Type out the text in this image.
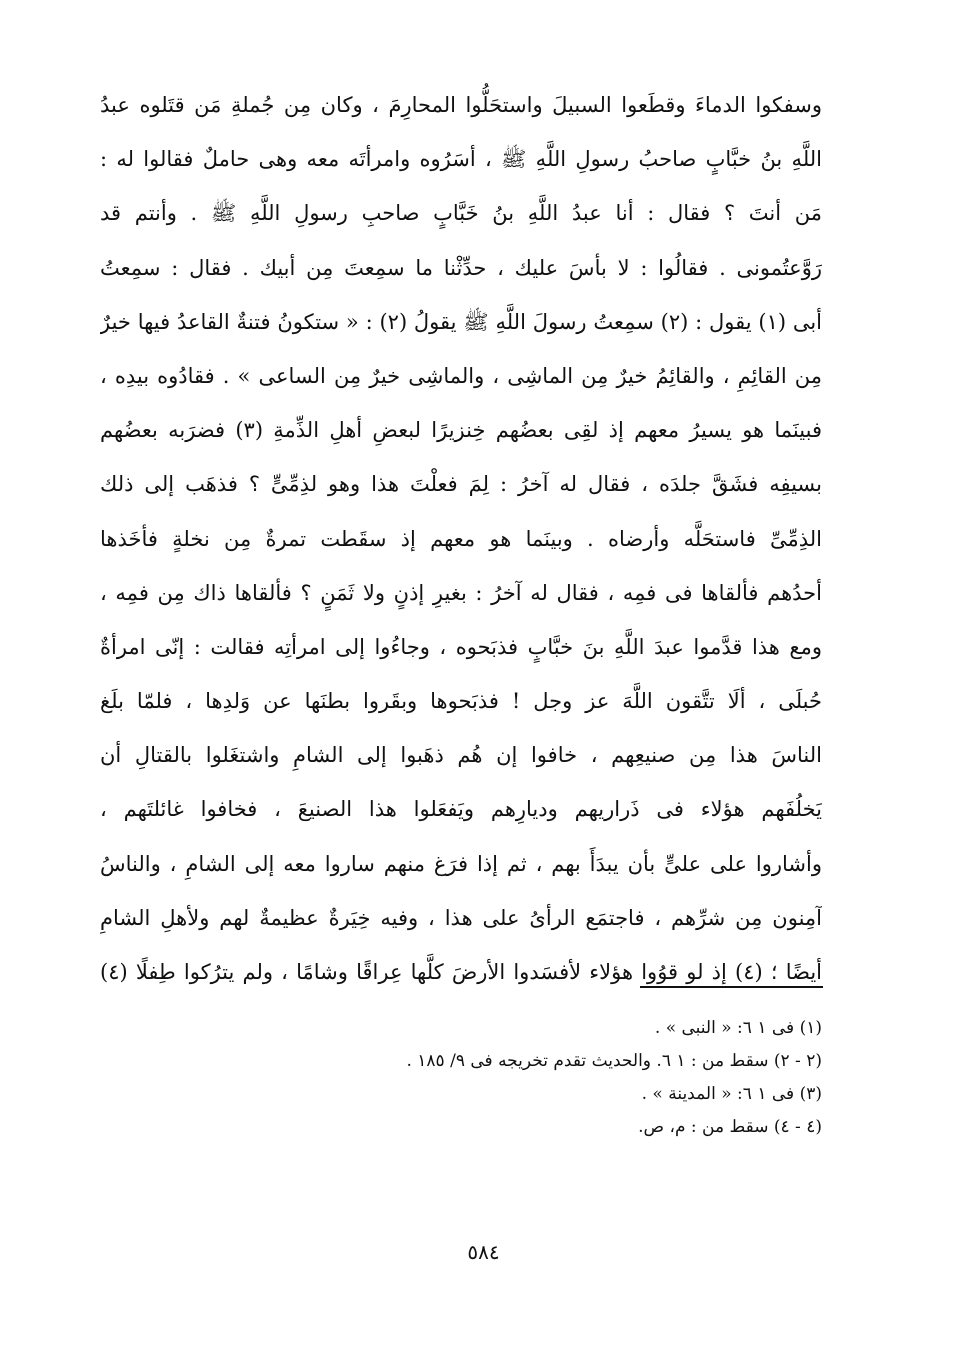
وسفكوا الدماءَ وقطَعوا السبيلَ واستحَلُّوا المحارِمَ ، وكان مِن جُملةِ مَن قتَلوه عبدُ
اللَّهِ بنُ خبَّابٍ صاحبُ رسولِ اللَّهِ ﷺ ، أسَرُوه وامرأتَه معه وهى حاملٌ فقالوا له :
مَن أنتَ ؟ فقال : أنا عبدُ اللَّهِ بنُ خَبَّابٍ صاحبِ رسولِ اللَّهِ ﷺ . وأنتم قد
رَوَّعتُمونى . فقالُوا : لا بأسَ عليك ، حدِّثْنا ما سمِعتَ مِن أبيك . فقال : سمِعتُ
أبى (١) يقول : (٢) سمِعتُ رسولَ اللَّهِ ﷺ يقولُ (٢) : « ستكونُ فتنةٌ القاعدُ فيها خيرٌ
مِن القائِمِ ، والقائِمُ خيرٌ مِن الماشِى ، والماشِى خيرٌ مِن الساعى » . فقادُوه بيدِه ،
فبينَما هو يسيرُ معهم إذ لقِى بعضُهم خِنزيرًا لبعضِ أهلِ الذِّمةِ (٣) فضرَبه بعضُهم
بسيفِه فشَقَّ جلدَه ، فقال له آخرُ : لِمَ فعلْتَ هذا وهو لذِمِّىٍّ ؟ فذهَب إلى ذلك
الذِمِّىِّ فاستحَلَّه وأرضاه . وبينَما هو معهم إذ سقَطت تمرةٌ مِن نخلةٍ فأخَذها
أحدُهم فألقاها فى فمِه ، فقال له آخرُ : بغيرِ إذنٍ ولا ثَمَنٍ ؟ فألقاها ذاك مِن فمِه ،
ومع هذا قدَّموا عبدَ اللَّهِ بنَ خبَّابٍ فذبَحوه ، وجاءُوا إلى امرأتِه فقالت : إنّى امرأةٌ
حُبلَى ، ألَا تتَّقون اللَّهَ عز وجل ! فذبَحوها وبقَروا بطنَها عن وَلدِها ، فلمّا بلَغ
الناسَ هذا مِن صنيعِهم ، خافوا إن هُم ذهَبوا إلى الشامِ واشتغَلوا بالقتالِ أن
يَخلُفَهم هؤلاء فى ذَراريهم وديارِهم ويَفعَلوا هذا الصنيعَ ، فخافوا غائلتَهم ،
وأشاروا على علىٍّ بأن يبدَأَ بهم ، ثم إذا فرَغ منهم ساروا معه إلى الشامِ ، والناسُ
آمِنون مِن شرِّهم ، فاجتمَع الرأىُ على هذا ، وفيه خِيَرةٌ عظيمةٌ لهم ولأهلِ الشامِ
أيضًا ؛ (٤) إذ لو قوُوا هؤلاء لأفسَدوا الأرضَ كلَّها عِراقًا وشامًا ، ولم يترُكوا طِفلًا (٤)
(١) فى ١ ٦: « النبى » .
(٢ - ٢) سقط من : ١ ٦. والحديث تقدم تخريجه فى ٩/ ١٨٥ .
(٣) فى ١ ٦: « المدينة » .
(٤ - ٤) سقط من : م، ص.
٥٨٤
